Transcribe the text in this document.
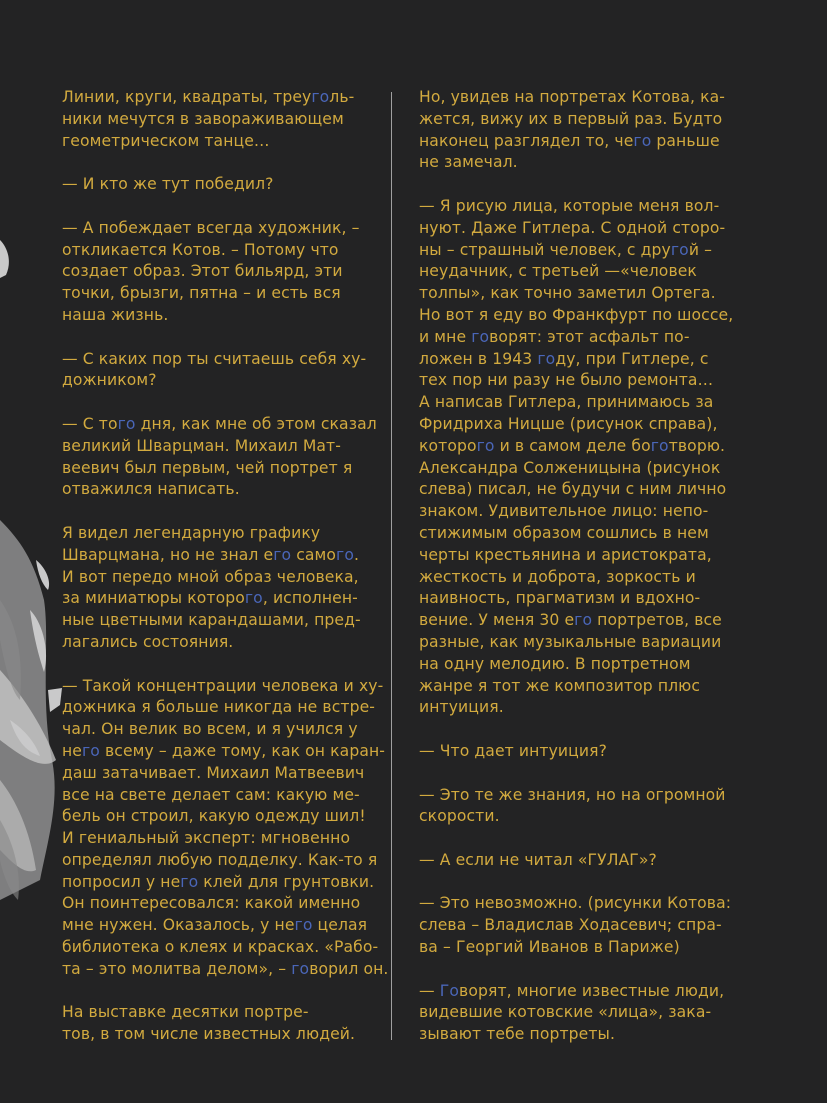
Линии, круги, квадраты, треуголь-
ники мечутся в завораживающем
геометрическом танце…
— И кто же тут победил?
— А побеждает всегда художник, –
откликается Котов. – Потому что
создает образ. Этот бильярд, эти
точки, брызги, пятна – и есть вся
наша жизнь.
— С каких пор ты считаешь себя ху-
дожником?
— С того дня, как мне об этом сказал
великий Шварцман. Михаил Мат-
веевич был первым, чей портрет я
отважился написать.
Я видел легендарную графику
Шварцмана, но не знал его самого.
И вот передо мной образ человека,
за миниатюры которого, исполнен-
ные цветными карандашами, пред-
лагались состояния.
— Такой концентрации человека и ху-
дожника я больше никогда не встре-
чал. Он велик во всем, и я учился у
него всему – даже тому, как он каран-
даш затачивает. Михаил Матвеевич
все на свете делает сам: какую ме-
бель он строил, какую одежду шил!
И гениальный эксперт: мгновенно
определял любую подделку. Как-то я
попросил у него клей для грунтовки.
Он поинтересовался: какой именно
мне нужен. Оказалось, у него целая
библиотека о клеях и красках. «Рабо-
та – это молитва делом», – говорил он.
На выставке десятки портре-
тов, в том числе известных людей.
Но, увидев на портретах Котова, ка-
жется, вижу их в первый раз. Будто
наконец разглядел то, чего раньше
не замечал.
— Я рисую лица, которые меня вол-
нуют. Даже Гитлера. С одной сторо-
ны – страшный человек, с другой –
неудачник, с третьей —«человек
толпы», как точно заметил Ортега.
Но вот я еду во Франкфурт по шоссе,
и мне говорят: этот асфальт по-
ложен в 1943 году, при Гитлере, с
тех пор ни разу не было ремонта…
А написав Гитлера, принимаюсь за
Фридриха Ницше (рисунок справа),
которого и в самом деле боготворю.
Александра Солженицына (рисунок
слева) писал, не будучи с ним лично
знаком. Удивительное лицо: непо-
стижимым образом сошлись в нем
черты крестьянина и аристократа,
жесткость и доброта, зоркость и
наивность, прагматизм и вдохно-
вение. У меня 30 его портретов, все
разные, как музыкальные вариации
на одну мелодию. В портретном
жанре я тот же композитор плюс
интуиция.
— Что дает интуиция?
— Это те же знания, но на огромной
скорости.
— А если не читал «ГУЛАГ»?
— Это невозможно. (рисунки Котова:
слева – Владислав Ходасевич; спра-
ва – Георгий Иванов в Париже)
— Говорят, многие известные люди,
видевшие котовские «лица», зака-
зывают тебе портреты.
